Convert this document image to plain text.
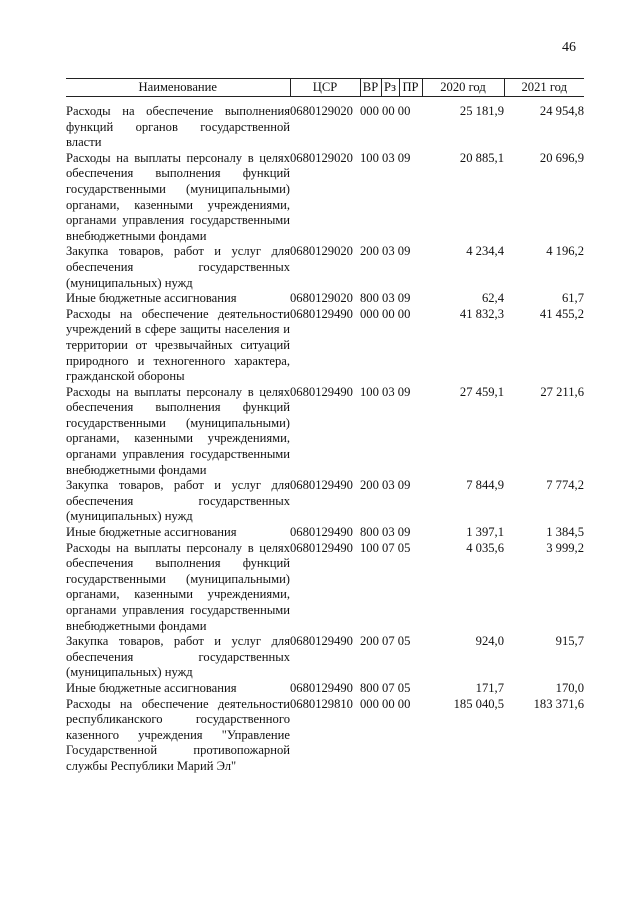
46
Наименование	ЦСР	ВР	Рз	ПР	2020 год	2021 год
Расходы на обеспечение выполнения функций органов государственной власти	0680129020	000 00 00			25 181,9	24 954,8
Расходы на выплаты персоналу в целях обеспечения выполнения функций государственными (муниципальными) органами, казенными учреждениями, органами управления государственными внебюджетными фондами	0680129020	100 03 09			20 885,1	20 696,9
Закупка товаров, работ и услуг для обеспечения государственных (муниципальных) нужд	0680129020	200 03 09			4 234,4	4 196,2
Иные бюджетные ассигнования	0680129020	800 03 09			62,4	61,7
Расходы на обеспечение деятельности учреждений в сфере защиты населения и территории от чрезвычайных ситуаций природного и техногенного характера, гражданской обороны	0680129490	000 00 00			41 832,3	41 455,2
Расходы на выплаты персоналу в целях обеспечения выполнения функций государственными (муниципальными) органами, казенными учреждениями, органами управления государственными внебюджетными фондами	0680129490	100 03 09			27 459,1	27 211,6
Закупка товаров, работ и услуг для обеспечения государственных (муниципальных) нужд	0680129490	200 03 09			7 844,9	7 774,2
Иные бюджетные ассигнования	0680129490	800 03 09			1 397,1	1 384,5
Расходы на выплаты персоналу в целях обеспечения выполнения функций государственными (муниципальными) органами, казенными учреждениями, органами управления государственными внебюджетными фондами	0680129490	100 07 05			4 035,6	3 999,2
Закупка товаров, работ и услуг для обеспечения государственных (муниципальных) нужд	0680129490	200 07 05			924,0	915,7
Иные бюджетные ассигнования	0680129490	800 07 05			171,7	170,0
Расходы на обеспечение деятельности республиканского государственного казенного учреждения "Управление Государственной противопожарной службы Республики Марий Эл"	0680129810	000 00 00			185 040,5	183 371,6
